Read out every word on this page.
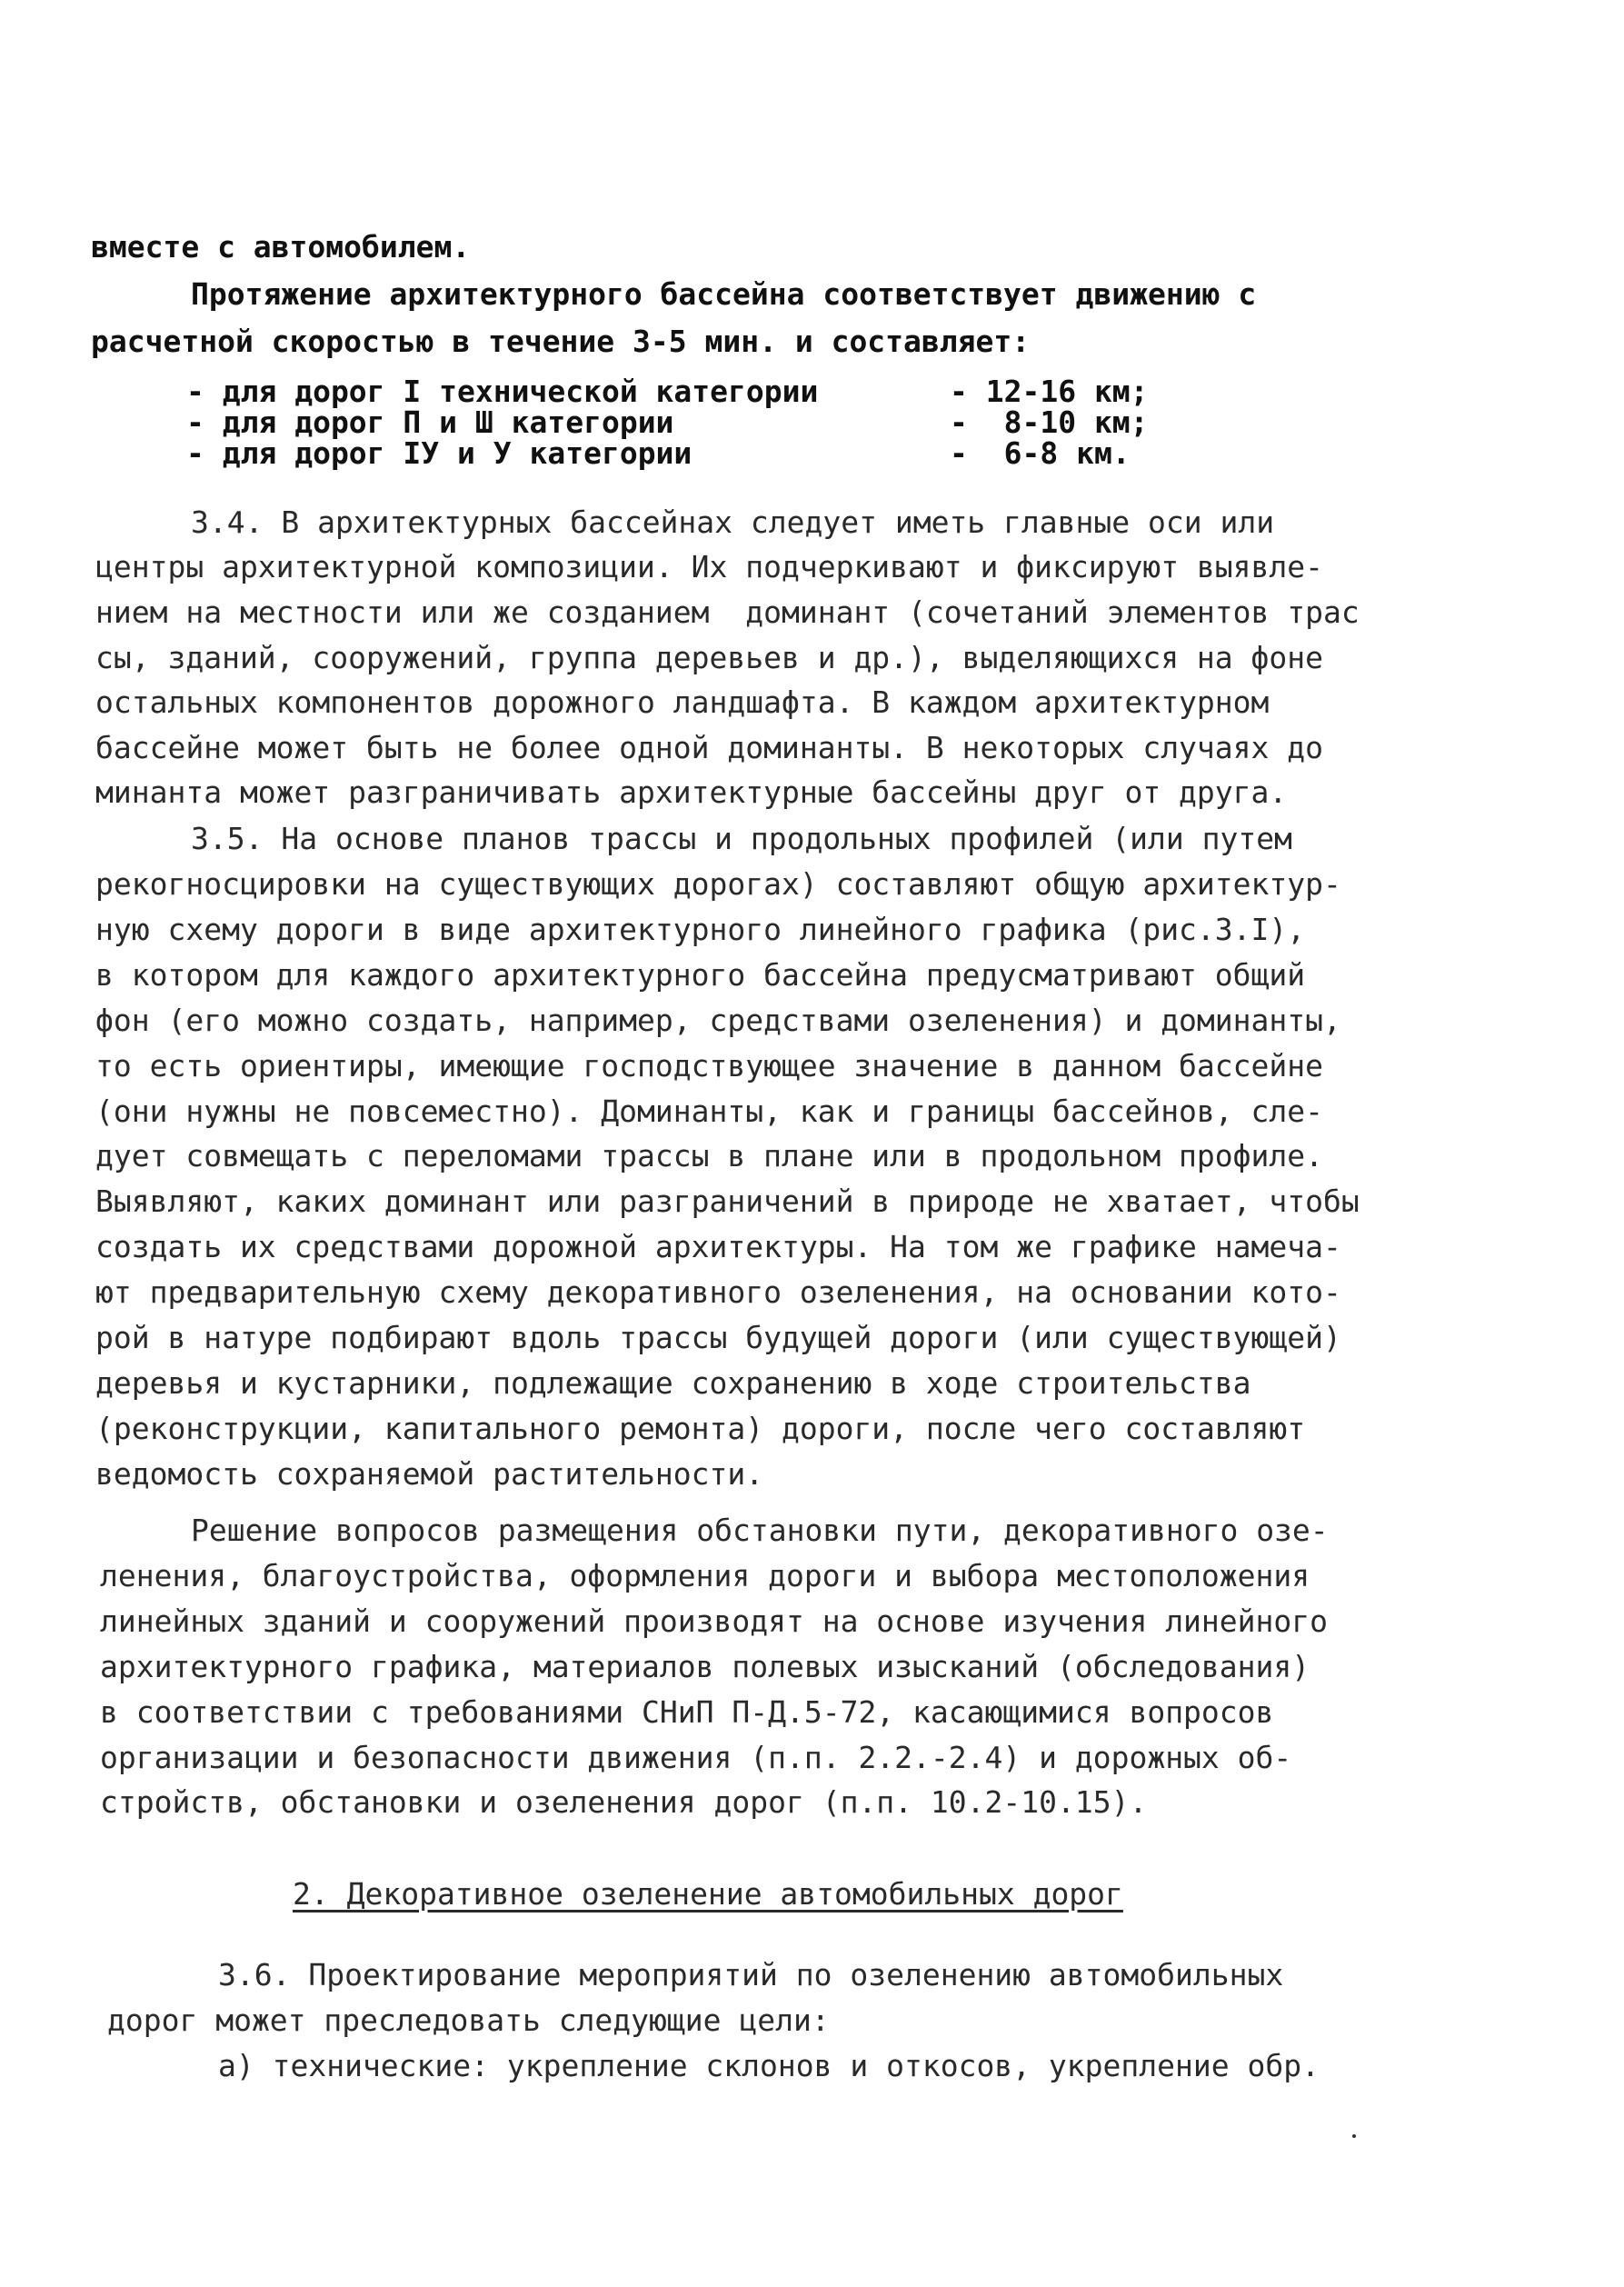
вместе с автомобилем.
Протяжение архитектурного бассейна соответствует движению с
расчетной скоростью в течение 3-5 мин. и составляет:
- для дорог I технической категории	- 12-16 км;
- для дорог П и Ш категории	-  8-10 км;
- для дорог IУ и У категории	-  6-8 км.
3.4. В архитектурных бассейнах следует иметь главные оси или
центры архитектурной композиции. Их подчеркивают и фиксируют выявле-
нием на местности или же созданием  доминант (сочетаний элементов трас
сы, зданий, сооружений, группа деревьев и др.), выделяющихся на фоне
остальных компонентов дорожного ландшафта. В каждом архитектурном
бассейне может быть не более одной доминанты. В некоторых случаях до
минанта может разграничивать архитектурные бассейны друг от друга.
3.5. На основе планов трассы и продольных профилей (или путем
рекогносцировки на существующих дорогах) составляют общую архитектур-
ную схему дороги в виде архитектурного линейного графика (рис.3.I),
в котором для каждого архитектурного бассейна предусматривают общий
фон (его можно создать, например, средствами озеленения) и доминанты,
то есть ориентиры, имеющие господствующее значение в данном бассейне
(они нужны не повсеместно). Доминанты, как и границы бассейнов, сле-
дует совмещать с переломами трассы в плане или в продольном профиле.
Выявляют, каких доминант или разграничений в природе не хватает, чтобы
создать их средствами дорожной архитектуры. На том же графике намеча-
ют предварительную схему декоративного озеленения, на основании кото-
рой в натуре подбирают вдоль трассы будущей дороги (или существующей)
деревья и кустарники, подлежащие сохранению в ходе строительства
(реконструкции, капитального ремонта) дороги, после чего составляют
ведомость сохраняемой растительности.
Решение вопросов размещения обстановки пути, декоративного озе-
ленения, благоустройства, оформления дороги и выбора местоположения
линейных зданий и сооружений производят на основе изучения линейного
архитектурного графика, материалов полевых изысканий (обследования)
в соответствии с требованиями СНиП П-Д.5-72, касающимися вопросов
организации и безопасности движения (п.п. 2.2.-2.4) и дорожных об-
стройств, обстановки и озеленения дорог (п.п. 10.2-10.15).
2. Декоративное озеленение автомобильных дорог
3.6. Проектирование мероприятий по озеленению автомобильных
дорог может преследовать следующие цели:
а) технические: укрепление склонов и откосов, укрепление обр.
